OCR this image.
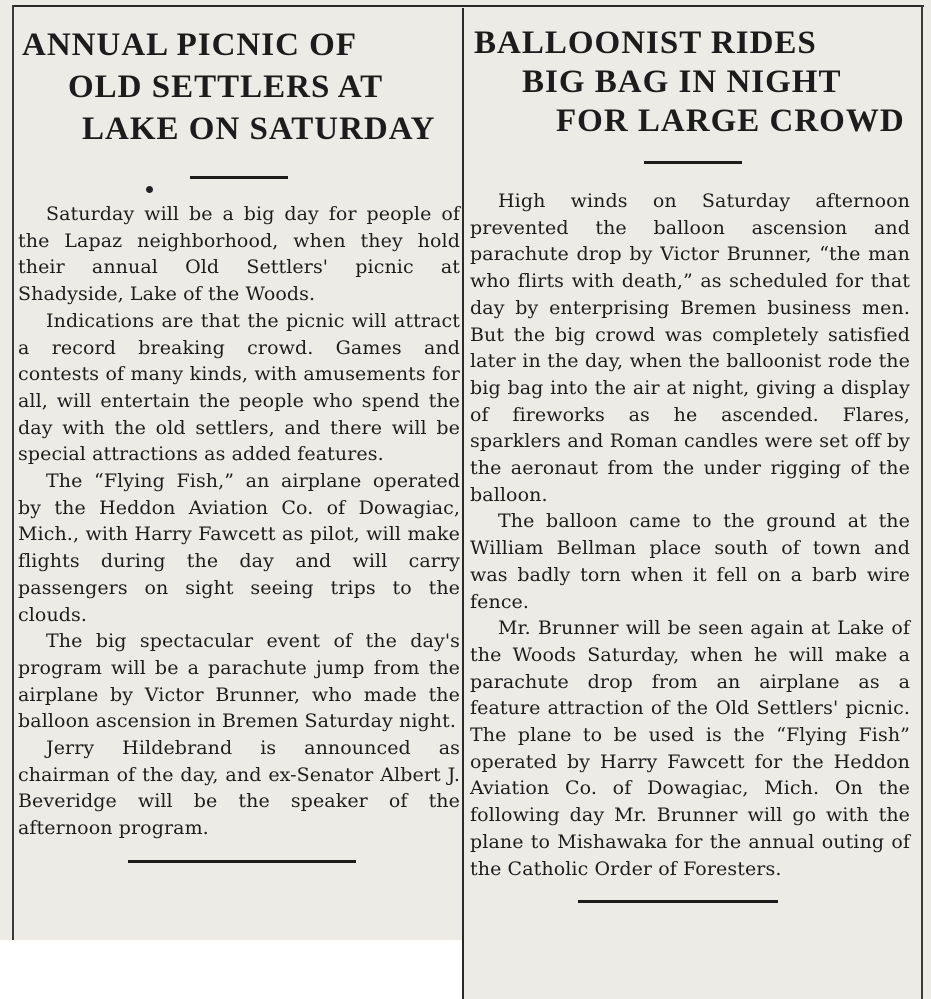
ANNUAL PICNIC OF
OLD SETTLERS AT
LAKE ON SATURDAY

Saturday will be a big day for people of the Lapaz neighborhood, when they hold their annual Old Settlers' picnic at Shadyside, Lake of the Woods.

Indications are that the picnic will attract a record breaking crowd. Games and contests of many kinds, with amusements for all, will entertain the people who spend the day with the old settlers, and there will be special attractions as added features.

The “Flying Fish,” an airplane operated by the Heddon Aviation Co. of Dowagiac, Mich., with Harry Fawcett as pilot, will make flights during the day and will carry passengers on sight seeing trips to the clouds.

The big spectacular event of the day's program will be a parachute jump from the airplane by Victor Brunner, who made the balloon ascension in Bremen Saturday night.

Jerry Hildebrand is announced as chairman of the day, and ex-Senator Albert J. Beveridge will be the speaker of the afternoon program.

BALLOONIST RIDES
BIG BAG IN NIGHT
FOR LARGE CROWD

High winds on Saturday afternoon prevented the balloon ascension and parachute drop by Victor Brunner, “the man who flirts with death,” as scheduled for that day by enterprising Bremen business men. But the big crowd was completely satisfied later in the day, when the balloonist rode the big bag into the air at night, giving a display of fireworks as he ascended. Flares, sparklers and Roman candles were set off by the aeronaut from the under rigging of the balloon.

The balloon came to the ground at the William Bellman place south of town and was badly torn when it fell on a barb wire fence.

Mr. Brunner will be seen again at Lake of the Woods Saturday, when he will make a parachute drop from an airplane as a feature attraction of the Old Settlers' picnic. The plane to be used is the “Flying Fish” operated by Harry Fawcett for the Heddon Aviation Co. of Dowagiac, Mich. On the following day Mr. Brunner will go with the plane to Mishawaka for the annual outing of the Catholic Order of Foresters.
